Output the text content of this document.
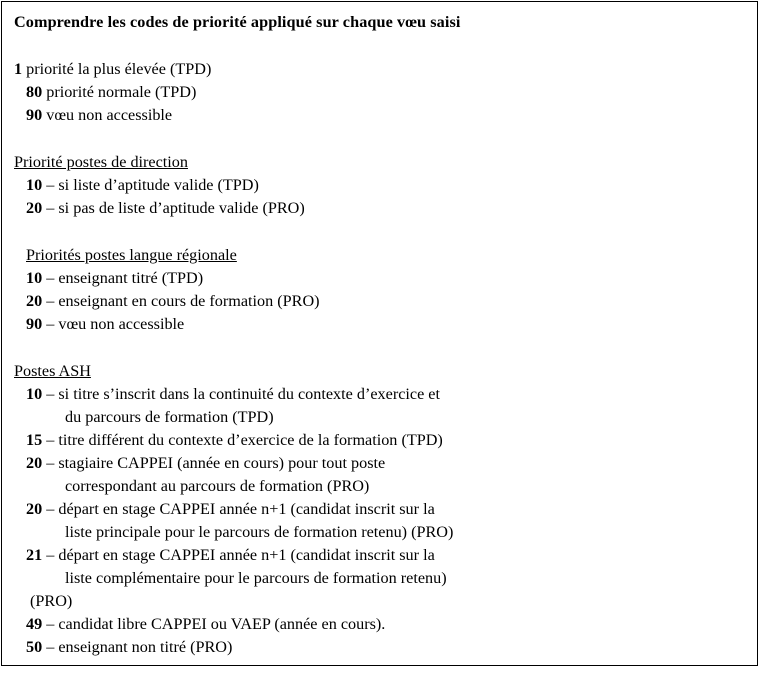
Comprendre les codes de priorité appliqué sur chaque vœu saisi
1 priorité la plus élevée (TPD)
80 priorité normale (TPD)
90 vœu non accessible
Priorité postes de direction
10 – si liste d’aptitude valide (TPD)
20 – si pas de liste d’aptitude valide (PRO)
Priorités postes langue régionale
10 – enseignant titré (TPD)
20 – enseignant en cours de formation (PRO)
90 – vœu non accessible
Postes ASH
10 – si titre s’inscrit dans la continuité du contexte d’exercice et
du parcours de formation (TPD)
15 – titre différent du contexte d’exercice de la formation (TPD)
20 – stagiaire CAPPEI (année en cours) pour tout poste
correspondant au parcours de formation (PRO)
20 – départ en stage CAPPEI année n+1 (candidat inscrit sur la
liste principale pour le parcours de formation retenu) (PRO)
21 – départ en stage CAPPEI année n+1 (candidat inscrit sur la
liste complémentaire pour le parcours de formation retenu)
(PRO)
49 – candidat libre CAPPEI ou VAEP (année en cours).
50 – enseignant non titré (PRO)
